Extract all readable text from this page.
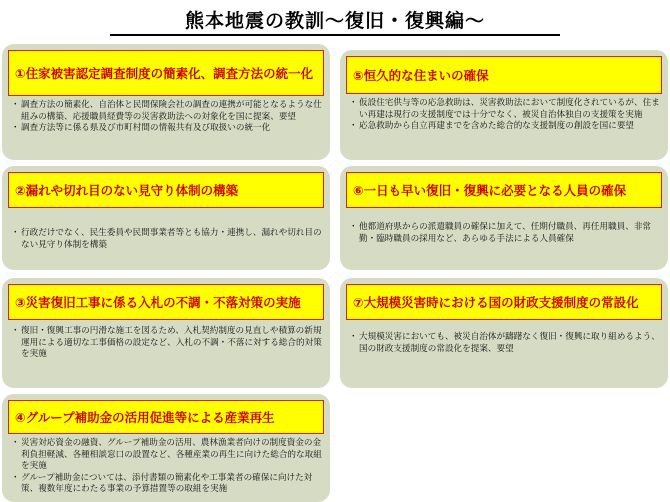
熊本地震の教訓～復旧・復興編～
①住家被害認定調査制度の簡素化、調査方法の統一化
・ 調査方法の簡素化、自治体と民間保険会社の調査の連携が可能となるような仕組みの構築、応援職員経費等の災害救助法への対象化を国に提案、要望
・ 調査方法等に係る県及び市町村間の情報共有及び取扱いの統一化
②漏れや切れ目のない見守り体制の構築
・ 行政だけでなく、民生委員や民間事業者等とも協力・連携し、漏れや切れ目のない見守り体制を構築
③災害復旧工事に係る入札の不調・不落対策の実施
・ 復旧・復興工事の円滑な施工を図るため、入札契約制度の見直しや積算の新規運用による適切な工事価格の設定など、入札の不調・不落に対する総合的対策を実施
④グループ補助金の活用促進等による産業再生
・ 災害対応資金の融資、グループ補助金の活用、農林漁業者向けの制度資金の金利負担軽減、各種相談窓口の設置など、各種産業の再生に向けた総合的な取組を実施
・ グループ補助金については、添付書類の簡素化や工事業者の確保に向けた対策、複数年度にわたる事業の予算措置等の取組を実施
⑤恒久的な住まいの確保
・ 仮設住宅供与等の応急救助は、災害救助法において制度化されているが、住まい再建は現行の支援制度では十分でなく、被災自治体独自の支援策を実施
・ 応急救助から自立再建までを含めた総合的な支援制度の創設を国に要望
⑥一日も早い復旧・復興に必要となる人員の確保
・ 他都道府県からの派遣職員の確保に加えて、任期付職員、再任用職員、非常勤・臨時職員の採用など、あらゆる手法による人員確保
⑦大規模災害時における国の財政支援制度の常設化
・ 大規模災害においても、被災自治体が躊躇なく復旧・復興に取り組めるよう、国の財政支援制度の常設化を提案、要望
